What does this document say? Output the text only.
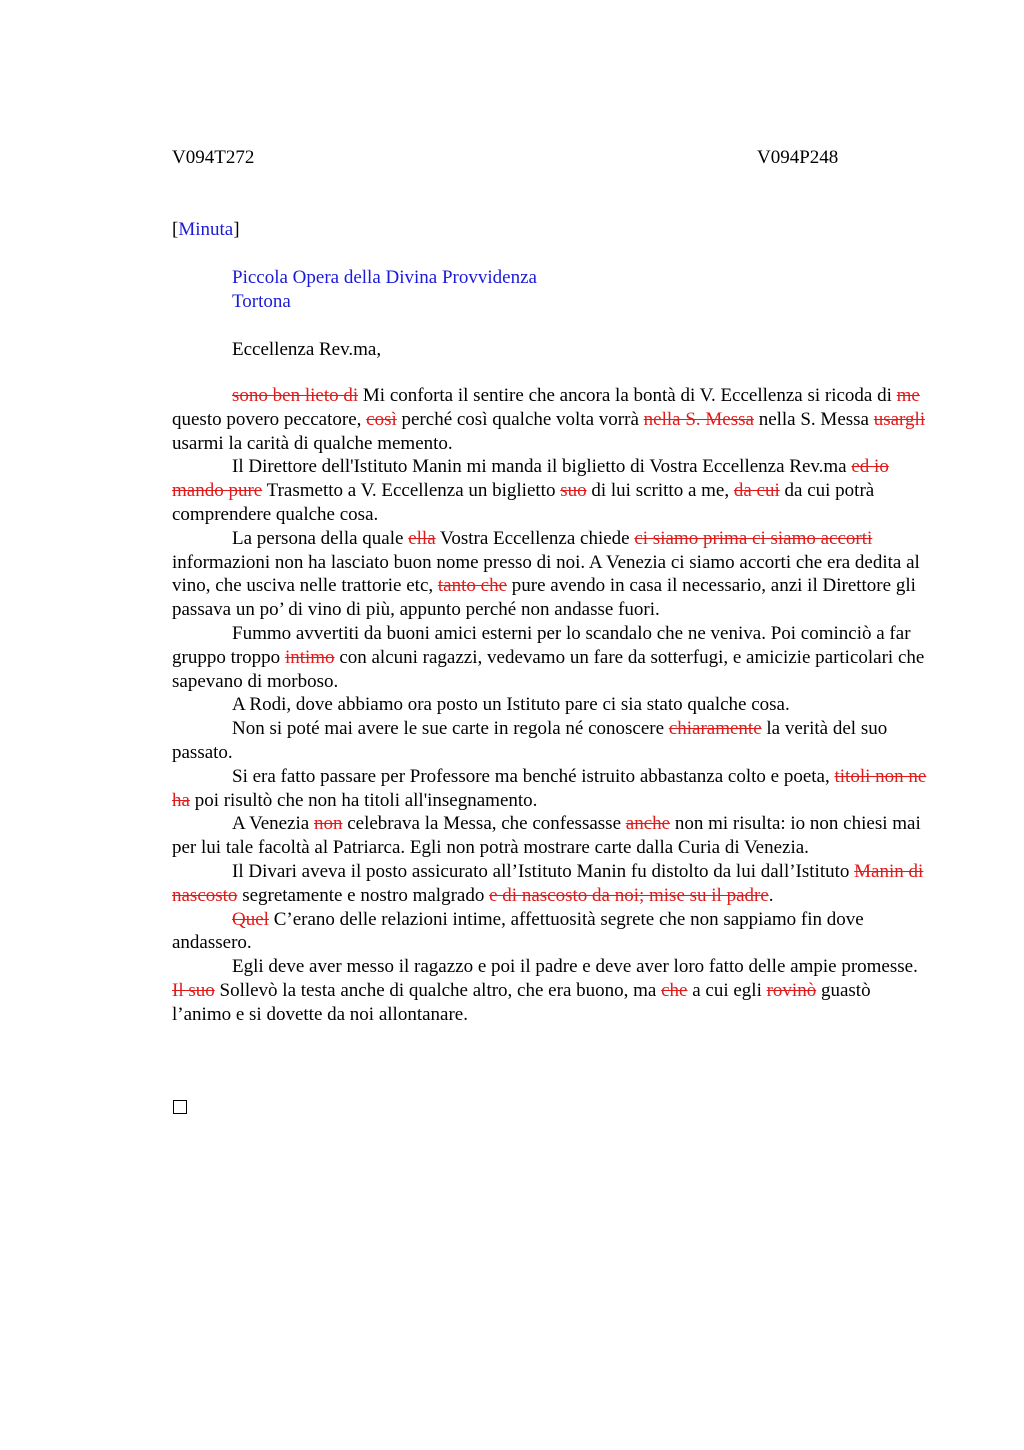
V094T272	V094P248
[Minuta]
Piccola Opera della Divina Provvidenza
Tortona
Eccellenza Rev.ma,

sono ben lieto di Mi conforta il sentire che ancora la bontà di V. Eccellenza si ricoda di me questo povero peccatore, così perché così qualche volta vorrà nella S. Messa nella S. Messa usargli usarmi la carità di qualche memento.

Il Direttore dell'Istituto Manin mi manda il biglietto di Vostra Eccellenza Rev.ma ed io mando pure Trasmetto a V. Eccellenza un biglietto suo di lui scritto a me, da cui da cui potrà comprendere qualche cosa.

La persona della quale ella Vostra Eccellenza chiede ci siamo prima ci siamo accorti informazioni non ha lasciato buon nome presso di noi. A Venezia ci siamo accorti che era dedita al vino, che usciva nelle trattorie etc, tanto che pure avendo in casa il necessario, anzi il Direttore gli passava un po’ di vino di più, appunto perché non andasse fuori.

Fummo avvertiti da buoni amici esterni per lo scandalo che ne veniva. Poi cominciò a far gruppo troppo intimo con alcuni ragazzi, vedevamo un fare da sotterfugi, e amicizie particolari che sapevano di morboso.

A Rodi, dove abbiamo ora posto un Istituto pare ci sia stato qualche cosa.

Non si poté mai avere le sue carte in regola né conoscere chiaramente la verità del suo passato.

Si era fatto passare per Professore ma benché istruito abbastanza colto e poeta, titoli non ne ha poi risultò che non ha titoli all'insegnamento.

A Venezia non celebrava la Messa, che confessasse anche non mi risulta: io non chiesi mai per lui tale facoltà al Patriarca. Egli non potrà mostrare carte dalla Curia di Venezia.

Il Divari aveva il posto assicurato all’Istituto Manin fu distolto da lui dall’Istituto Manin di nascosto segretamente e nostro malgrado e di nascosto da noi; mise su il padre.

Quel C’erano delle relazioni intime, affettuosità segrete che non sappiamo fin dove andassero.

Egli deve aver messo il ragazzo e poi il padre e deve aver loro fatto delle ampie promesse. Il suo Sollevò la testa anche di qualche altro, che era buono, ma che a cui egli rovinò guastò l’animo e si dovette da noi allontanare.
